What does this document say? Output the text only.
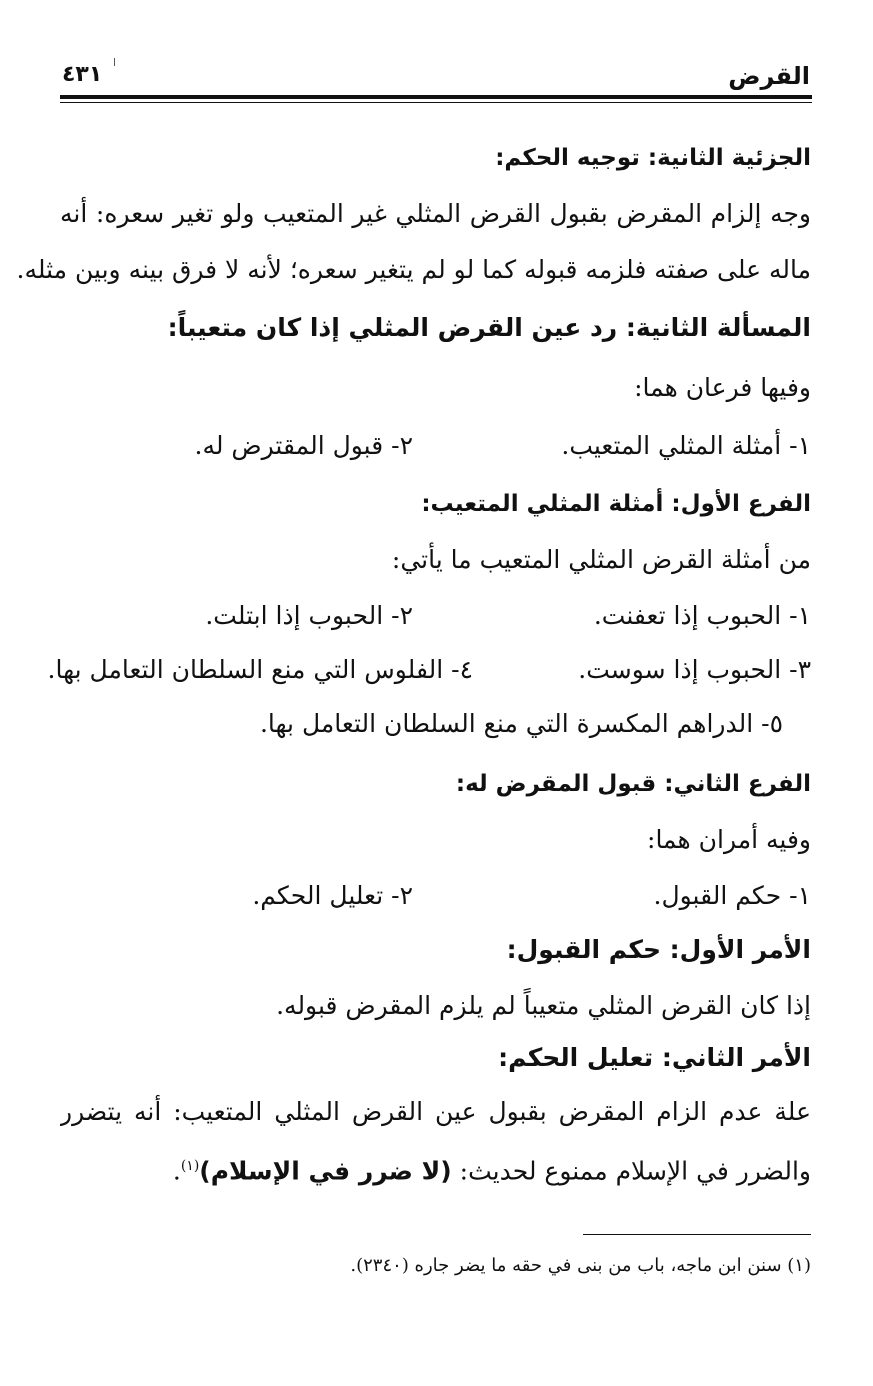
القرض
٤٣١
الجزئية الثانية: توجيه الحكم:
وجه إلزام المقرض بقبول القرض المثلي غير المتعيب ولو تغير سعره: أنه
ماله على صفته فلزمه قبوله كما لو لم يتغير سعره؛ لأنه لا فرق بينه وبين مثله.
المسألة الثانية: رد عين القرض المثلي إذا كان متعيباً:
وفيها فرعان هما:
١- أمثلة المثلي المتعيب.
٢- قبول المقترض له.
الفرع الأول: أمثلة المثلي المتعيب:
من أمثلة القرض المثلي المتعيب ما يأتي:
١- الحبوب إذا تعفنت.
٢- الحبوب إذا ابتلت.
٣- الحبوب إذا سوست.
٤- الفلوس التي منع السلطان التعامل بها.
٥- الدراهم المكسرة التي منع السلطان التعامل بها.
الفرع الثاني: قبول المقرض له:
وفيه أمران هما:
١- حكم القبول.
٢- تعليل الحكم.
الأمر الأول: حكم القبول:
إذا كان القرض المثلي متعيباً لم يلزم المقرض قبوله.
الأمر الثاني: تعليل الحكم:
علة عدم الزام المقرض بقبول عين القرض المثلي المتعيب: أنه يتضرر
والضرر في الإسلام ممنوع لحديث: (لا ضرر في الإسلام)$^{(١)}$.
(١) سنن ابن ماجه، باب من بنى في حقه ما يضر جاره (٢٣٤٠).
